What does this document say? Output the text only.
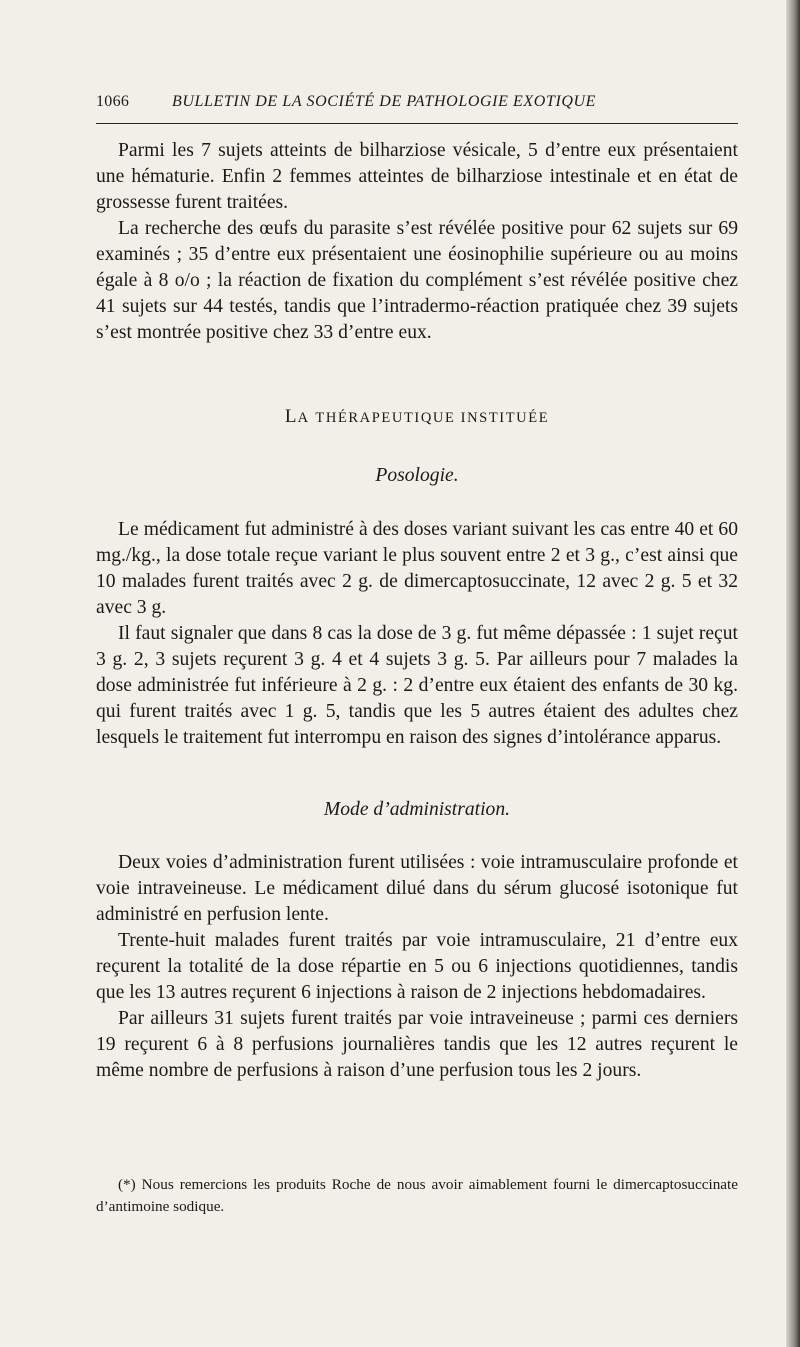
1066	BULLETIN DE LA SOCIÉTÉ DE PATHOLOGIE EXOTIQUE

Parmi les 7 sujets atteints de bilharziose vésicale, 5 d’entre eux présentaient une hématurie. Enfin 2 femmes atteintes de bilharziose intestinale et en état de grossesse furent traitées.

La recherche des œufs du parasite s’est révélée positive pour 62 sujets sur 69 examinés ; 35 d’entre eux présentaient une éosinophilie supérieure ou au moins égale à 8 o/o ; la réaction de fixation du complément s’est révélée positive chez 41 sujets sur 44 testés, tandis que l’intradermo-réaction pratiquée chez 39 sujets s’est montrée positive chez 33 d’entre eux.

LA THÉRAPEUTIQUE INSTITUÉE
Posologie.

Le médicament fut administré à des doses variant suivant les cas entre 40 et 60 mg./kg., la dose totale reçue variant le plus souvent entre 2 et 3 g., c’est ainsi que 10 malades furent traités avec 2 g. de dimercaptosuccinate, 12 avec 2 g. 5 et 32 avec 3 g.

Il faut signaler que dans 8 cas la dose de 3 g. fut même dépassée : 1 sujet reçut 3 g. 2, 3 sujets reçurent 3 g. 4 et 4 sujets 3 g. 5. Par ailleurs pour 7 malades la dose administrée fut inférieure à 2 g. : 2 d’entre eux étaient des enfants de 30 kg. qui furent traités avec 1 g. 5, tandis que les 5 autres étaient des adultes chez lesquels le traitement fut interrompu en raison des signes d’intolérance apparus.

Mode d’administration.

Deux voies d’administration furent utilisées : voie intramusculaire profonde et voie intraveineuse. Le médicament dilué dans du sérum glucosé isotonique fut administré en perfusion lente.

Trente-huit malades furent traités par voie intramusculaire, 21 d’entre eux reçurent la totalité de la dose répartie en 5 ou 6 injections quotidiennes, tandis que les 13 autres reçurent 6 injections à raison de 2 injections hebdomadaires.

Par ailleurs 31 sujets furent traités par voie intraveineuse ; parmi ces derniers 19 reçurent 6 à 8 perfusions journalières tandis que les 12 autres reçurent le même nombre de perfusions à raison d’une perfusion tous les 2 jours.

(*) Nous remercions les produits Roche de nous avoir aimablement fourni le dimercaptosuccinate d’antimoine sodique.
